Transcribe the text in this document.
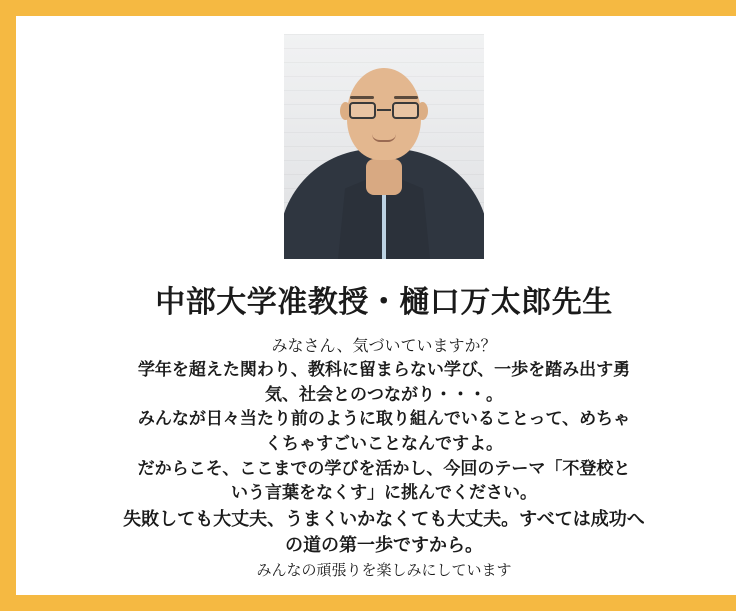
中部大学准教授・樋口万太郎先生
みなさん、気づいていますか？
学年を超えた関わり、教科に留まらない学び、一歩を踏み出す勇
気、社会とのつながり・・・。
みんなが日々当たり前のように取り組んでいることって、めちゃ
くちゃすごいことなんですよ。
だからこそ、ここまでの学びを活かし、今回のテーマ「不登校と
いう言葉をなくす」に挑んでください。
失敗しても大丈夫、うまくいかなくても大丈夫。すべては成功へ
の道の第一歩ですから。
みんなの頑張りを楽しみにしています
